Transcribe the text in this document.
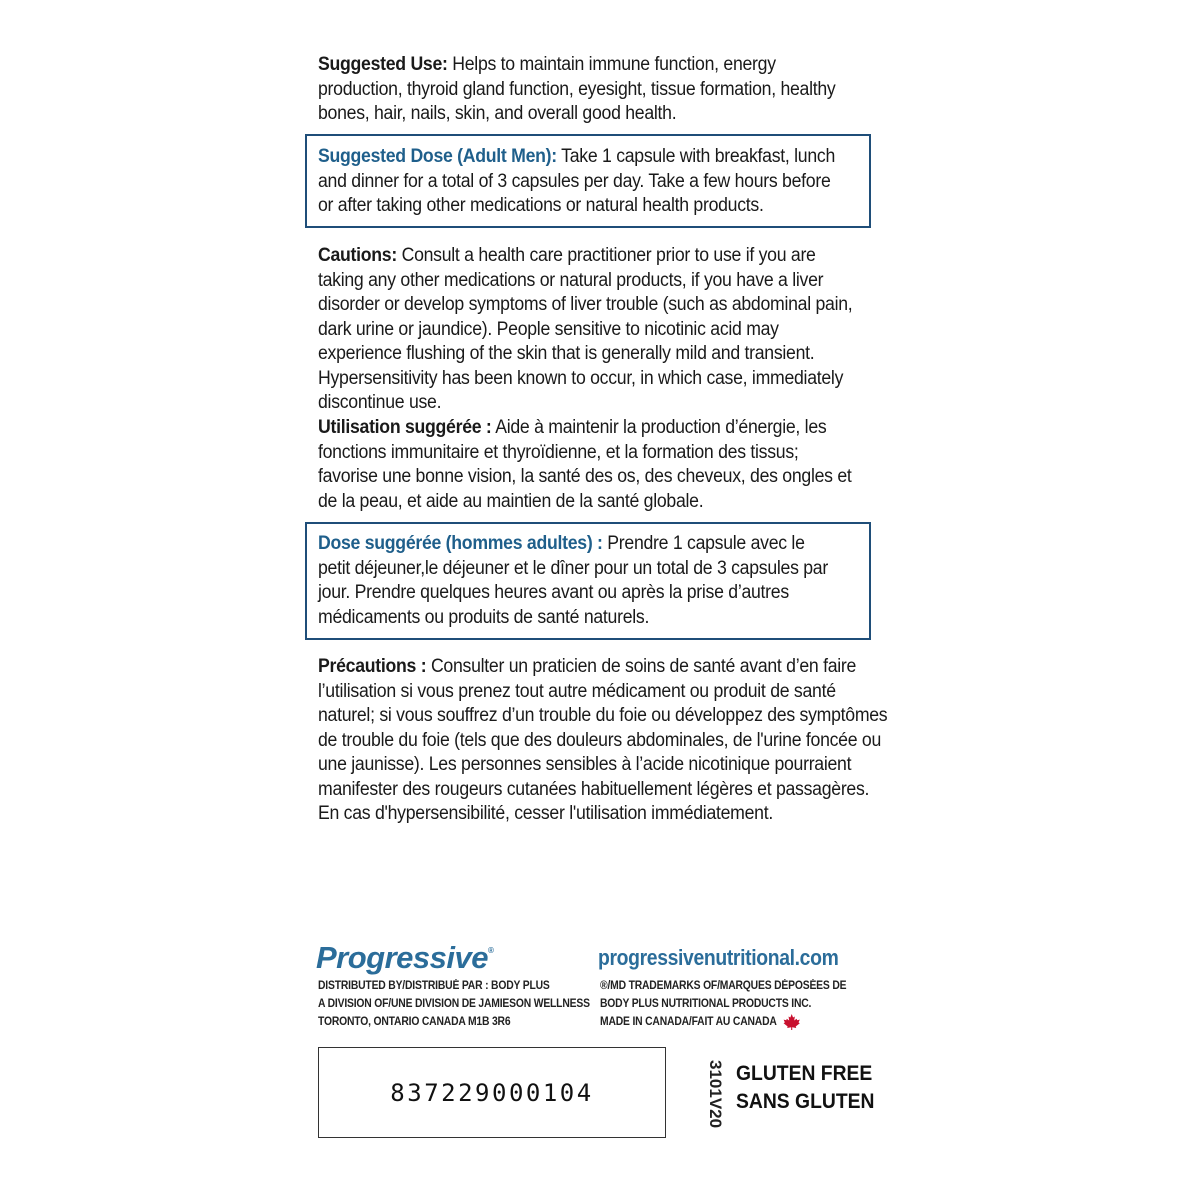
Suggested Use: Helps to maintain immune function, energy production, thyroid gland function, eyesight, tissue formation, healthy bones, hair, nails, skin, and overall good health.
Suggested Dose (Adult Men): Take 1 capsule with breakfast, lunch and dinner for a total of 3 capsules per day. Take a few hours before or after taking other medications or natural health products.
Cautions: Consult a health care practitioner prior to use if you are taking any other medications or natural products, if you have a liver disorder or develop symptoms of liver trouble (such as abdominal pain, dark urine or jaundice). People sensitive to nicotinic acid may experience flushing of the skin that is generally mild and transient. Hypersensitivity has been known to occur, in which case, immediately discontinue use.
Utilisation suggérée : Aide à maintenir la production d’énergie, les fonctions immunitaire et thyroïdienne, et la formation des tissus; favorise une bonne vision, la santé des os, des cheveux, des ongles et de la peau, et aide au maintien de la santé globale.
Dose suggérée (hommes adultes) : Prendre 1 capsule avec le petit déjeuner,le déjeuner et le dîner pour un total de 3 capsules par jour. Prendre quelques heures avant ou après la prise d’autres médicaments ou produits de santé naturels.
Précautions : Consulter un praticien de soins de santé avant d’en faire l’utilisation si vous prenez tout autre médicament ou produit de santé naturel; si vous souffrez d’un trouble du foie ou développez des symptômes de trouble du foie (tels que des douleurs abdominales, de l'urine foncée ou une jaunisse). Les personnes sensibles à l’acide nicotinique pourraient manifester des rougeurs cutanées habituellement légères et passagères. En cas d'hypersensibilité, cesser l'utilisation immédiatement.
Progressive®
DISTRIBUTED BY/DISTRIBUÉ PAR : BODY PLUS
A DIVISION OF/UNE DIVISION DE JAMIESON WELLNESS
TORONTO, ONTARIO CANADA M1B 3R6
progressivenutritional.com
®/MD TRADEMARKS OF/MARQUES DÉPOSÉES DE
BODY PLUS NUTRITIONAL PRODUCTS INC.
MADE IN CANADA/FAIT AU CANADA
837229000104	3101V20 GLUTEN FREE
SANS GLUTEN
